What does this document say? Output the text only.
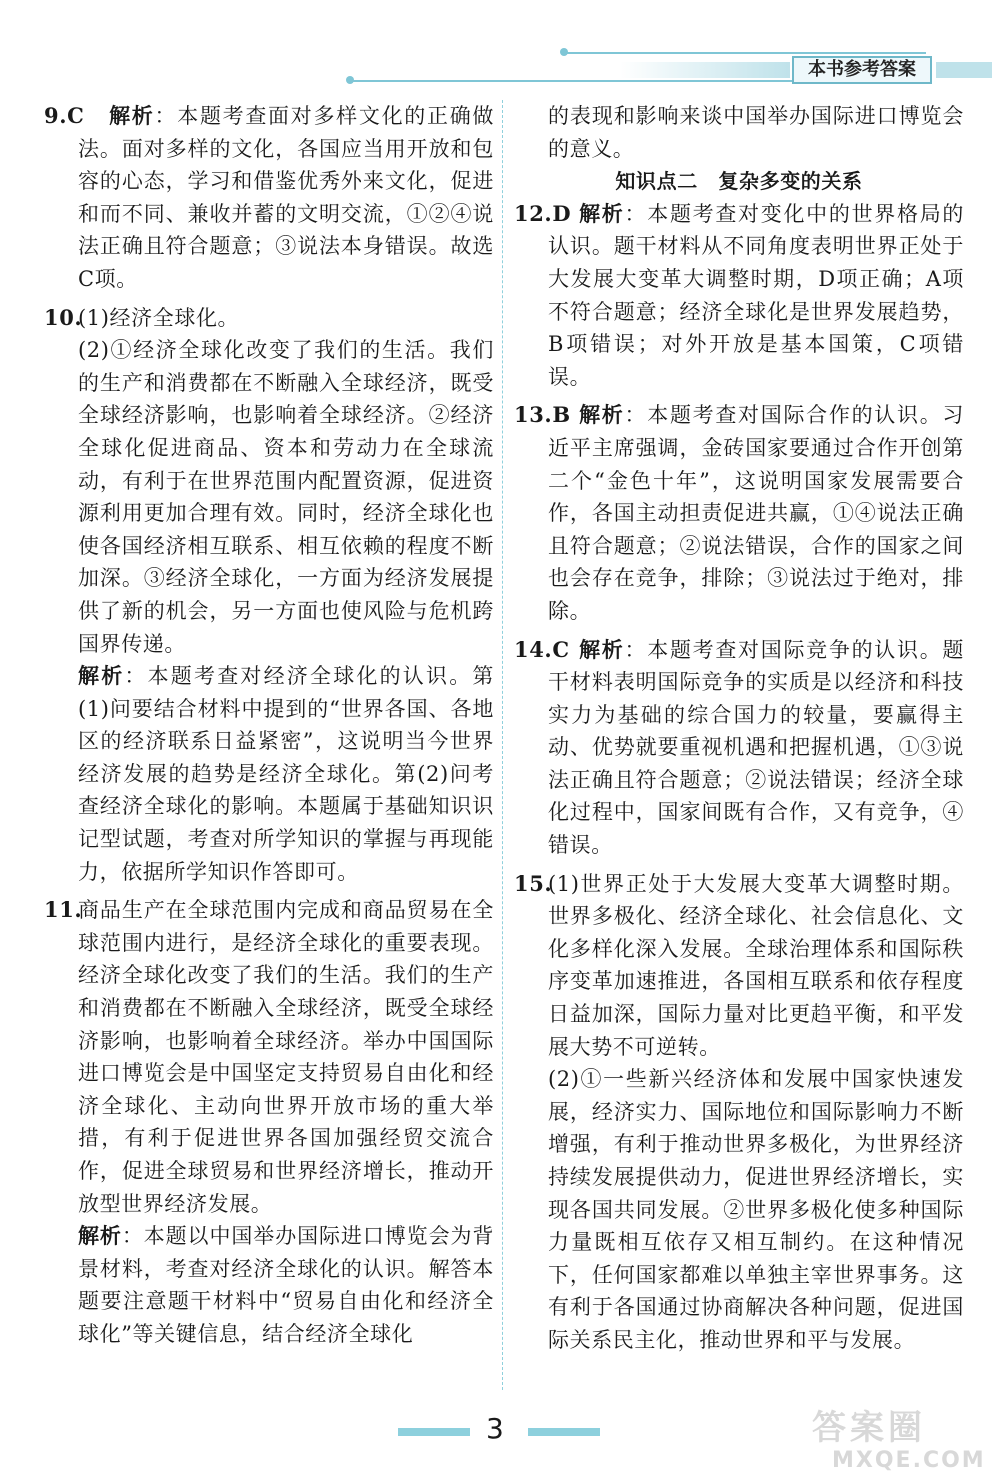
本书参考答案
9.C 解析：本题考查面对多样文化的正确做法。面对多样的文化，各国应当用开放和包容的心态，学习和借鉴优秀外来文化，促进和而不同、兼收并蓄的文明交流，①②④说法正确且符合题意；③说法本身错误。故选C项。
10.

(1)经济全球化。

(2)①经济全球化改变了我们的生活。我们的生产和消费都在不断融入全球经济，既受全球经济影响，也影响着全球经济。②经济全球化促进商品、资本和劳动力在全球流动，有利于在世界范围内配置资源，促进资源利用更加合理有效。同时，经济全球化也使各国经济相互联系、相互依赖的程度不断加深。③经济全球化，一方面为经济发展提供了新的机会，另一方面也使风险与危机跨国界传递。

解析：本题考查对经济全球化的认识。第(1)问要结合材料中提到的“世界各国、各地区的经济联系日益紧密”，这说明当今世界经济发展的趋势是经济全球化。第(2)问考查经济全球化的影响。本题属于基础知识识记型试题，考查对所学知识的掌握与再现能力，依据所学知识作答即可。

11.

商品生产在全球范围内完成和商品贸易在全球范围内进行，是经济全球化的重要表现。经济全球化改变了我们的生活。我们的生产和消费都在不断融入全球经济，既受全球经济影响，也影响着全球经济。举办中国国际进口博览会是中国坚定支持贸易自由化和经济全球化、主动向世界开放市场的重大举措，有利于促进世界各国加强经贸交流合作，促进全球贸易和世界经济增长，推动开放型世界经济发展。

解析：本题以中国举办国际进口博览会为背景材料，考查对经济全球化的认识。解答本题要注意题干材料中“贸易自由化和经济全球化”等关键信息，结合经济全球化

的表现和影响来谈中国举办国际进口博览会的意义。

知识点二　复杂多变的关系

12.D 解析：本题考查对变化中的世界格局的认识。题干材料从不同角度表明世界正处于大发展大变革大调整时期，D项正确；A项不符合题意；经济全球化是世界发展趋势，B项错误；对外开放是基本国策，C项错误。
13.B 解析：本题考查对国际合作的认识。习近平主席强调，金砖国家要通过合作开创第二个“金色十年”，这说明国家发展需要合作，各国主动担责促进共赢，①④说法正确且符合题意；②说法错误，合作的国家之间也会存在竞争，排除；③说法过于绝对，排除。
14.C 解析：本题考查对国际竞争的认识。题干材料表明国际竞争的实质是以经济和科技实力为基础的综合国力的较量，要赢得主动、优势就要重视机遇和把握机遇，①③说法正确且符合题意；②说法错误；经济全球化过程中，国家间既有合作，又有竞争，④错误。
15.

(1)世界正处于大发展大变革大调整时期。世界多极化、经济全球化、社会信息化、文化多样化深入发展。全球治理体系和国际秩序变革加速推进，各国相互联系和依存程度日益加深，国际力量对比更趋平衡，和平发展大势不可逆转。

(2)①一些新兴经济体和发展中国家快速发展，经济实力、国际地位和国际影响力不断增强，有利于推动世界多极化，为世界经济持续发展提供动力，促进世界经济增长，实现各国共同发展。②世界多极化使多种国际力量既相互依存又相互制约。在这种情况下，任何国家都难以单独主宰世界事务。这有利于各国通过协商解决各种问题，促进国际关系民主化，推动世界和平与发展。

3	答案圈
MXQE.COM
